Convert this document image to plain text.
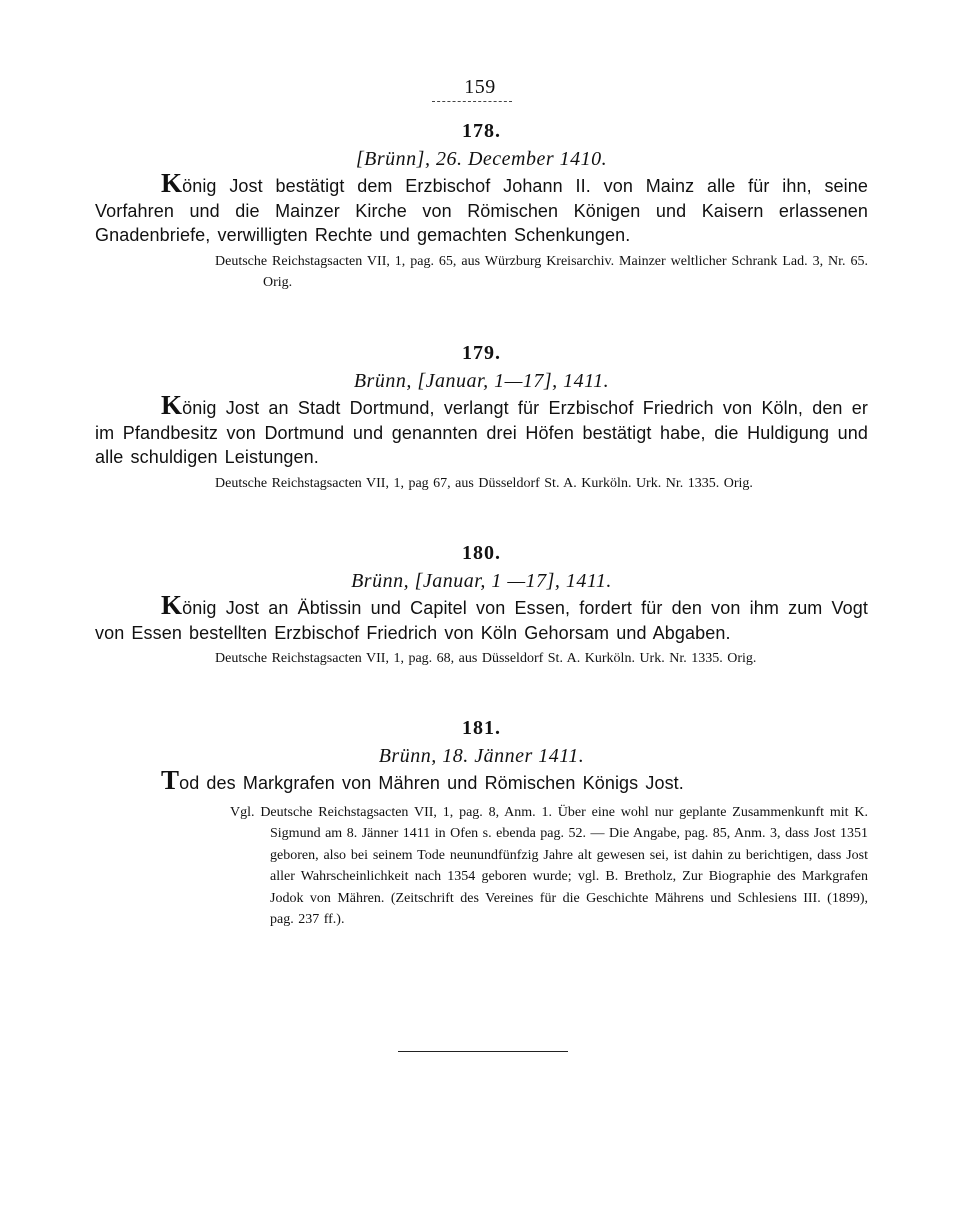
159
178.
[Brünn], 26. December 1410.

König Jost bestätigt dem Erzbischof Johann II. von Mainz alle für ihn, seine Vorfahren und die Mainzer Kirche von Römischen Königen und Kaisern erlassenen Gnadenbriefe, verwilligten Rechte und gemachten Schenkungen.

Deutsche Reichstagsacten VII, 1, pag. 65, aus Würzburg Kreisarchiv. Mainzer weltlicher Schrank Lad. 3, Nr. 65. Orig.

179.
Brünn, [Januar, 1—17], 1411.

König Jost an Stadt Dortmund, verlangt für Erzbischof Friedrich von Köln, den er im Pfandbesitz von Dortmund und genannten drei Höfen bestätigt habe, die Huldigung und alle schuldigen Leistungen.

Deutsche Reichstagsacten VII, 1, pag 67, aus Düsseldorf St. A. Kurköln. Urk. Nr. 1335. Orig.

180.
Brünn, [Januar, 1 —17], 1411.

König Jost an Äbtissin und Capitel von Essen, fordert für den von ihm zum Vogt von Essen bestellten Erzbischof Friedrich von Köln Gehorsam und Abgaben.

Deutsche Reichstagsacten VII, 1, pag. 68, aus Düsseldorf St. A. Kurköln. Urk. Nr. 1335. Orig.

181.
Brünn, 18. Jänner 1411.

Tod des Markgrafen von Mähren und Römischen Königs Jost.

Vgl. Deutsche Reichstagsacten VII, 1, pag. 8, Anm. 1. Über eine wohl nur geplante Zusammenkunft mit K. Sigmund am 8. Jänner 1411 in Ofen s. ebenda pag. 52. — Die Angabe, pag. 85, Anm. 3, dass Jost 1351 geboren, also bei seinem Tode neunundfünfzig Jahre alt gewesen sei, ist dahin zu berichtigen, dass Jost aller Wahrscheinlichkeit nach 1354 geboren wurde; vgl. B. Bretholz, Zur Biographie des Markgrafen Jodok von Mähren. (Zeitschrift des Vereines für die Geschichte Mährens und Schlesiens III. (1899), pag. 237 ff.).
